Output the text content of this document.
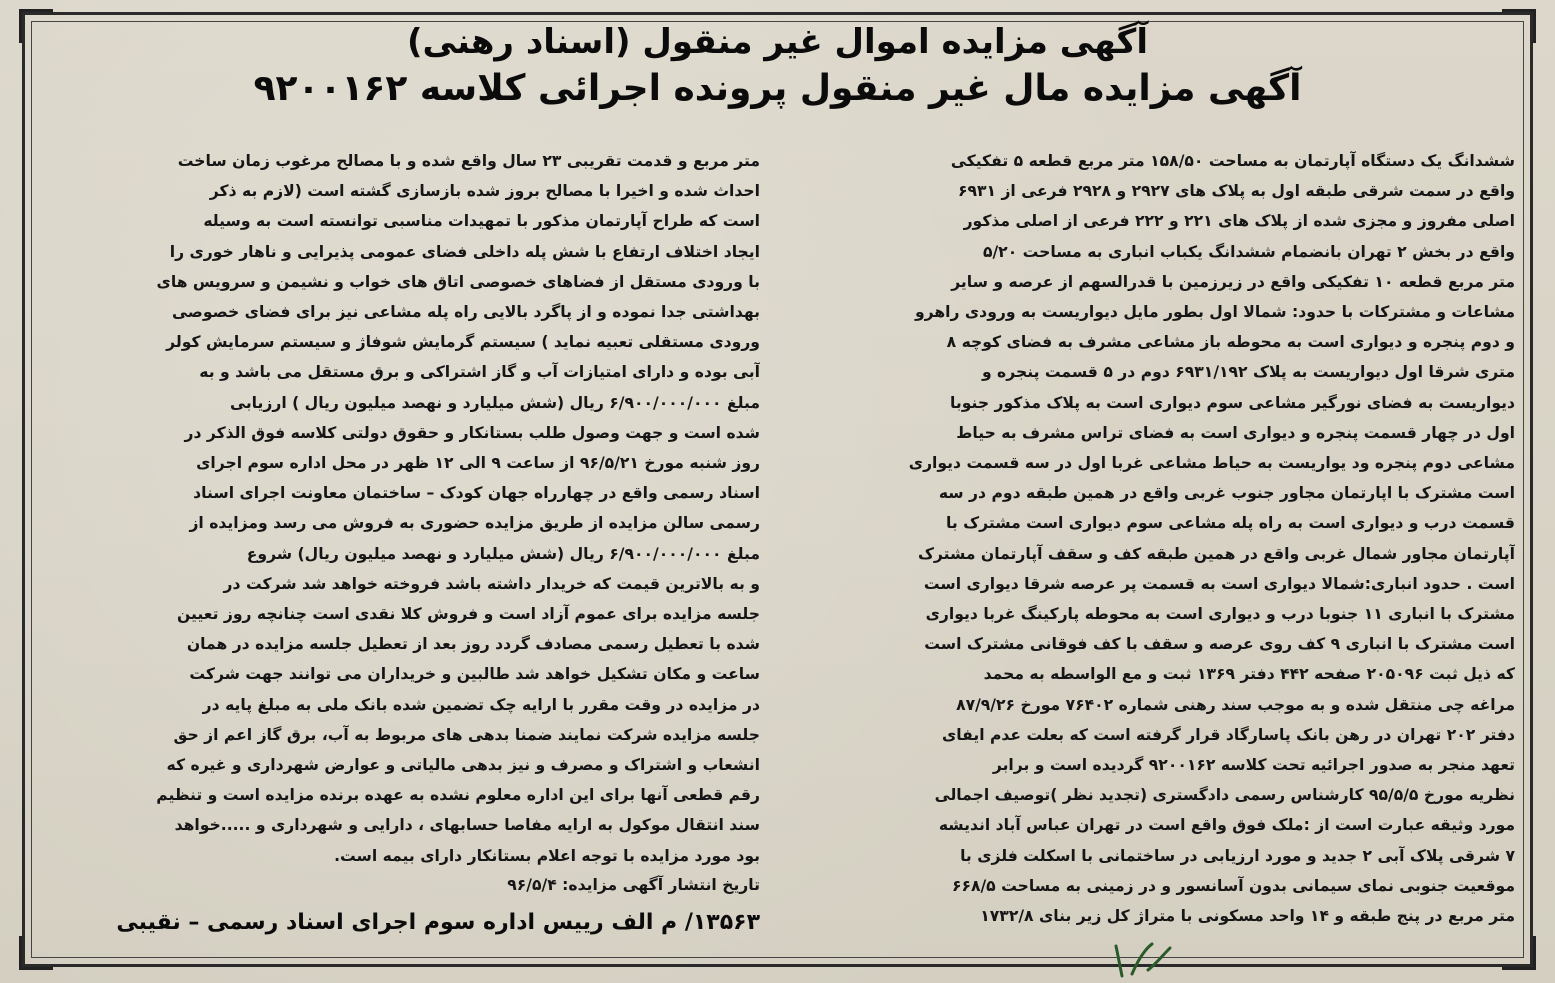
آگهی مزایده اموال غیر منقول (اسناد رهنی)
آگهی مزایده مال غیر منقول پرونده اجرائی کلاسه ۹۲۰۰۱۶۲
ششدانگ یک دستگاه آپارتمان به مساحت ۱۵۸/۵۰ متر مربع قطعه ۵ تفکیکی
واقع در سمت شرقی طبقه اول به پلاک های ۲۹۲۷ و ۲۹۲۸ فرعی از ۶۹۳۱
اصلی مفروز و مجزی شده از پلاک های ۲۲۱ و ۲۲۲ فرعی از اصلی مذکور
واقع در بخش ۲ تهران بانضمام ششدانگ یکباب انباری به مساحت ۵/۲۰
متر مربع قطعه ۱۰ تفکیکی واقع در زیرزمین با قدرالسهم از عرصه و سایر
مشاعات و مشترکات با حدود: شمالا اول بطور مایل دیواریست به ورودی راهرو
و دوم پنجره و دیواری است به محوطه باز مشاعی مشرف به فضای کوچه ۸
متری شرقا اول دیواریست به پلاک ۶۹۳۱/۱۹۲ دوم در ۵ قسمت پنجره و
دیواریست به فضای نورگیر مشاعی سوم دیواری است به پلاک مذکور جنوبا
اول در چهار قسمت پنجره و دیواری است به فضای تراس مشرف به حیاط
مشاعی دوم پنجره ود یواریست به حیاط مشاعی غربا اول در سه قسمت دیواری
است مشترک با اپارتمان مجاور جنوب غربی واقع در همین طبقه دوم در سه
قسمت درب و دیواری است به راه پله مشاعی سوم دیواری است مشترک با
آپارتمان مجاور شمال غربی واقع در همین طبقه کف و سقف آپارتمان مشترک
است . حدود انباری:شمالا دیواری است به قسمت پر عرصه شرقا دیواری است
مشترک با انباری ۱۱ جنوبا درب و دیواری است به محوطه پارکینگ غربا دیواری
است مشترک با انباری ۹ کف روی عرصه و سقف با کف فوقانی مشترک است
که ذیل ثبت ۲۰۵۰۹۶ صفحه ۴۴۲ دفتر ۱۳۶۹ ثبت و مع الواسطه به محمد
مراغه چی منتقل شده و به موجب سند رهنی شماره ۷۶۴۰۲ مورخ ۸۷/۹/۲۶
دفتر ۲۰۲ تهران در رهن بانک پاسارگاد قرار گرفته است که بعلت عدم ایفای
تعهد منجر به صدور اجرائیه تحت کلاسه ۹۲۰۰۱۶۲ گردیده است و برابر
نظریه مورخ ۹۵/۵/۵ کارشناس رسمی دادگستری (تجدید نظر )توصیف اجمالی
مورد وثیقه عبارت است از :ملک فوق واقع است در تهران عباس آباد اندیشه
۷ شرقی پلاک آبی ۲ جدید و مورد ارزیابی در ساختمانی با اسکلت فلزی با
موقعیت جنوبی نمای سیمانی بدون آسانسور و در زمینی به مساحت ۶۶۸/۵
متر مربع در پنج طبقه و ۱۴ واحد مسکونی با متراژ کل زیر بنای ۱۷۳۲/۸
متر مربع و قدمت تقریبی ۲۳ سال واقع شده و با مصالح مرغوب زمان ساخت
احداث شده و اخیرا با مصالح بروز شده بازسازی گشته است (لازم به ذکر
است که طراح آپارتمان مذکور با تمهیدات مناسبی توانسته است به وسیله
ایجاد اختلاف ارتفاع با شش پله داخلی فضای عمومی پذیرایی و ناهار خوری را
با ورودی مستقل از فضاهای خصوصی اتاق های خواب و نشیمن و سرویس های
بهداشتی جدا نموده و از پاگرد بالایی راه پله مشاعی نیز برای فضای خصوصی
ورودی مستقلی تعبیه نماید ) سیستم گرمایش شوفاژ و سیستم سرمایش کولر
آبی بوده و دارای امتیازات آب و گاز اشتراکی و برق مستقل می باشد و به
مبلغ ۶/۹۰۰/۰۰۰/۰۰۰ ریال (شش میلیارد و نهصد میلیون ریال ) ارزیابی
شده است و جهت وصول طلب بستانکار و حقوق دولتی کلاسه فوق الذکر در
روز شنبه مورخ ۹۶/۵/۲۱ از ساعت ۹ الی ۱۲ ظهر در محل اداره سوم اجرای
اسناد رسمی واقع در چهارراه جهان کودک – ساختمان معاونت اجرای اسناد
رسمی سالن مزایده از طریق مزایده حضوری به فروش می رسد ومزایده از
مبلغ ۶/۹۰۰/۰۰۰/۰۰۰ ریال (شش میلیارد و نهصد میلیون ریال) شروع
و به بالاترین قیمت که خریدار داشته باشد فروخته خواهد شد شرکت در
جلسه مزایده برای عموم آزاد است و فروش کلا نقدی است چنانچه روز تعیین
شده با تعطیل رسمی مصادف گردد روز بعد از تعطیل جلسه مزایده در همان
ساعت و مکان تشکیل خواهد شد طالبین و خریداران می توانند جهت شرکت
در مزایده در وقت مقرر با ارایه چک تضمین شده بانک ملی به مبلغ پایه در
جلسه مزایده شرکت نمایند ضمنا بدهی های مربوط به آب، برق گاز اعم از حق
انشعاب و اشتراک و مصرف و نیز بدهی مالیاتی و عوارض شهرداری و غیره که
رقم قطعی آنها برای این اداره معلوم نشده به عهده برنده مزایده است و تنظیم
سند انتقال موکول به ارایه مفاصا حسابهای ، دارایی و شهرداری و .....خواهد
بود مورد مزایده با توجه اعلام بستانکار دارای بیمه است.
تاریخ انتشار آگهی مزایده: ۹۶/۵/۴
۱۳۵۶۳/ م الف رییس اداره سوم اجرای اسناد رسمی – نقیبی
